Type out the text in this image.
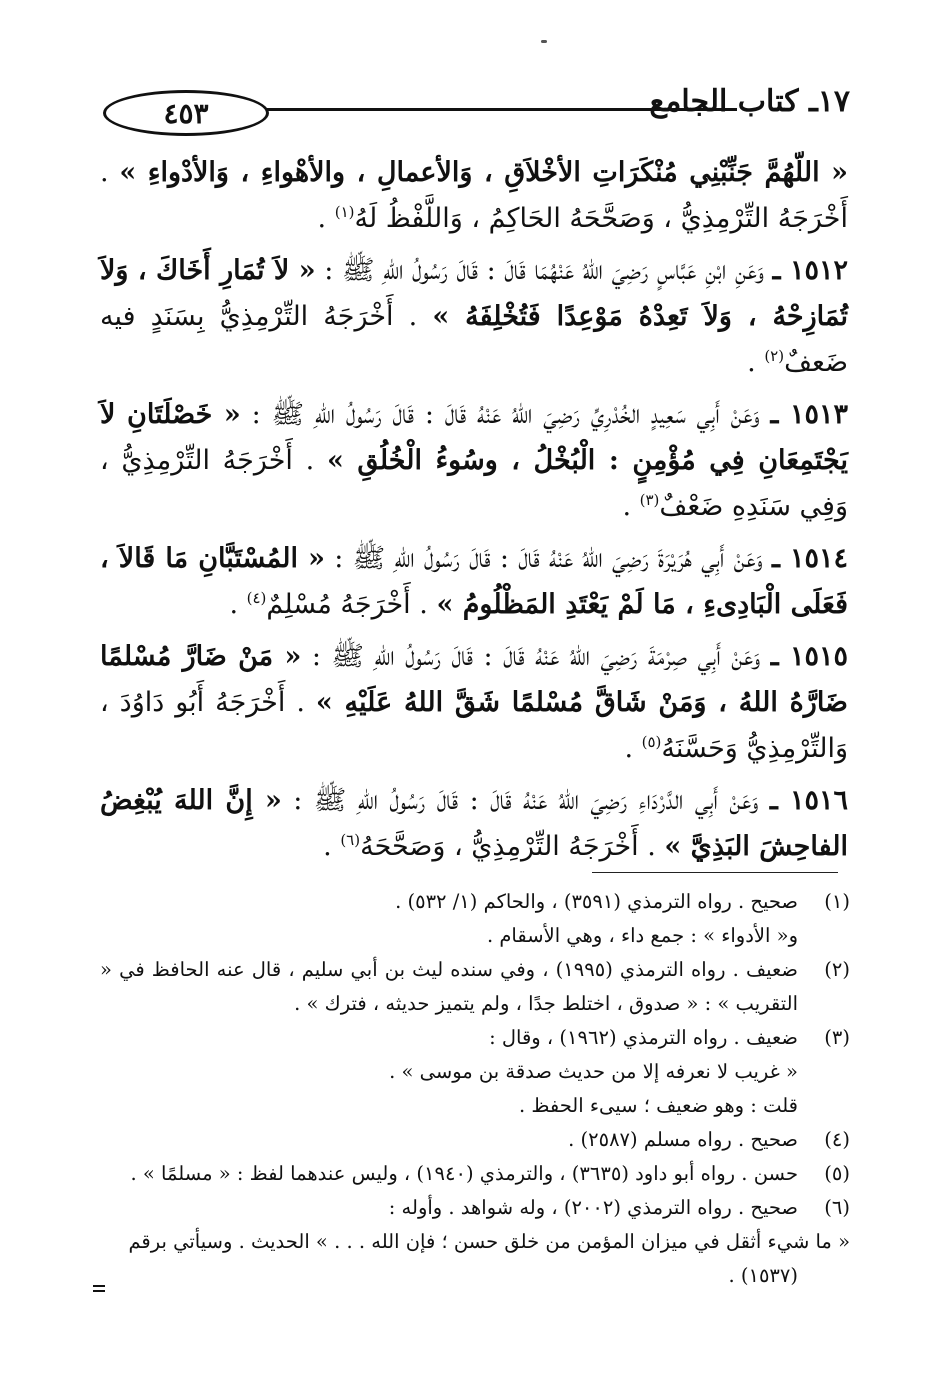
٤٥٣	١٧ـ كتاب الجامع

« اللّهُمَّ جَنِّبْنِي مُنْكَرَاتِ الأخْلاَقِ ، وَالأعمالِ ، والأهْواءِ ، وَالأدْواءِ » . أَخْرَجَهُ التِّرْمِذِيُّ ، وَصَحَّحَهُ الحَاكِمُ ، وَاللَّفْظُ لَهُ$^{(١)}$ .

١٥١٢ ـ وَعَنِ ابْنِ عَبَّاسٍ رَضِيَ اللهُ عَنْهُمَا قَالَ : قَالَ رَسُولُ اللهِ ﷺ : « لاَ تُمَارِ أَخَاكَ ، وَلاَ تُمَازِحْهُ ، وَلاَ تَعِدْهُ مَوْعِدًا فَتُخْلِفَهُ » . أَخْرَجَهُ التِّرْمِذِيُّ بِسَنَدٍ فيه ضَعفٌ$^{(٢)}$ .

١٥١٣ ـ وَعَنْ أَبِي سَعِيدٍ الخُدْرِيِّ رَضِيَ اللهُ عَنْهُ قَالَ : قَالَ رَسُولُ اللهِ ﷺ : « خَصْلَتَانِ لاَ يَجْتَمِعَانِ فِي مُؤْمِنٍ : الْبُخْلُ ، وسُوءُ الْخُلُقِ » . أَخْرَجَهُ التِّرْمِذِيُّ ، وَفِي سَنَدِهِ ضَعْفٌ$^{(٣)}$ .

١٥١٤ ـ وَعَنْ أَبِي هُرَيْرَةَ رَضِيَ اللهُ عَنْهُ قَالَ : قَالَ رَسُولُ اللهِ ﷺ : « المُسْتَبَّانِ مَا قَالاَ ، فَعَلَى الْبَادِىءِ ، مَا لَمْ يَعْتَدِ المَظْلُومُ » . أَخْرَجَهُ مُسْلِمٌ$^{(٤)}$ .

١٥١٥ ـ وَعَنْ أَبِي صِرْمَةَ رَضِيَ اللهُ عَنْهُ قَالَ : قَالَ رَسُولُ اللهِ ﷺ : « مَنْ ضَارَّ مُسْلمًا ضَارَّهُ اللهُ ، وَمَنْ شَاقَّ مُسْلمًا شَقَّ اللهُ عَلَيْهِ » . أَخْرَجَهُ أَبُو دَاوُدَ ، وَالتِّرْمِذِيُّ وَحَسَّنَهُ$^{(٥)}$ .

١٥١٦ ـ وَعَنْ أَبِي الدَّرْدَاءِ رَضِيَ اللهُ عَنْهُ قَالَ : قَالَ رَسُولُ اللهِ ﷺ : « إِنَّ اللهَ يُبْغِضُ الفاحِشَ البَذِيَّ » . أَخْرَجَهُ التِّرْمِذِيُّ ، وَصَحَّحَهُ$^{(٦)}$ .

(١)
صحيح . رواه الترمذي (٣٥٩١) ، والحاكم (١/ ٥٣٢) .
و« الأدواء » : جمع داء ، وهي الأسقام .
(٢)
ضعيف . رواه الترمذي (١٩٩٥) ، وفي سنده ليث بن أبي سليم ، قال عنه الحافظ في « التقريب » : « صدوق ، اختلط جدًا ، ولم يتميز حديثه ، فترك » .
(٣)
ضعيف . رواه الترمذي (١٩٦٢) ، وقال :
« غريب لا نعرفه إلا من حديث صدقة بن موسى » .
قلت : وهو ضعيف ؛ سيىء الحفظ .
(٤)
صحيح . رواه مسلم (٢٥٨٧) .
(٥)
حسن . رواه أبو داود (٣٦٣٥) ، والترمذي (١٩٤٠) ، وليس عندهما لفظ : « مسلمًا » .
(٦)
صحيح . رواه الترمذي (٢٠٠٢) ، وله شواهد . وأوله :
« ما شيء أثقل في ميزان المؤمن من خلق حسن ؛ فإن الله . . . » الحديث . وسيأتي برقم
(١٥٣٧) .
